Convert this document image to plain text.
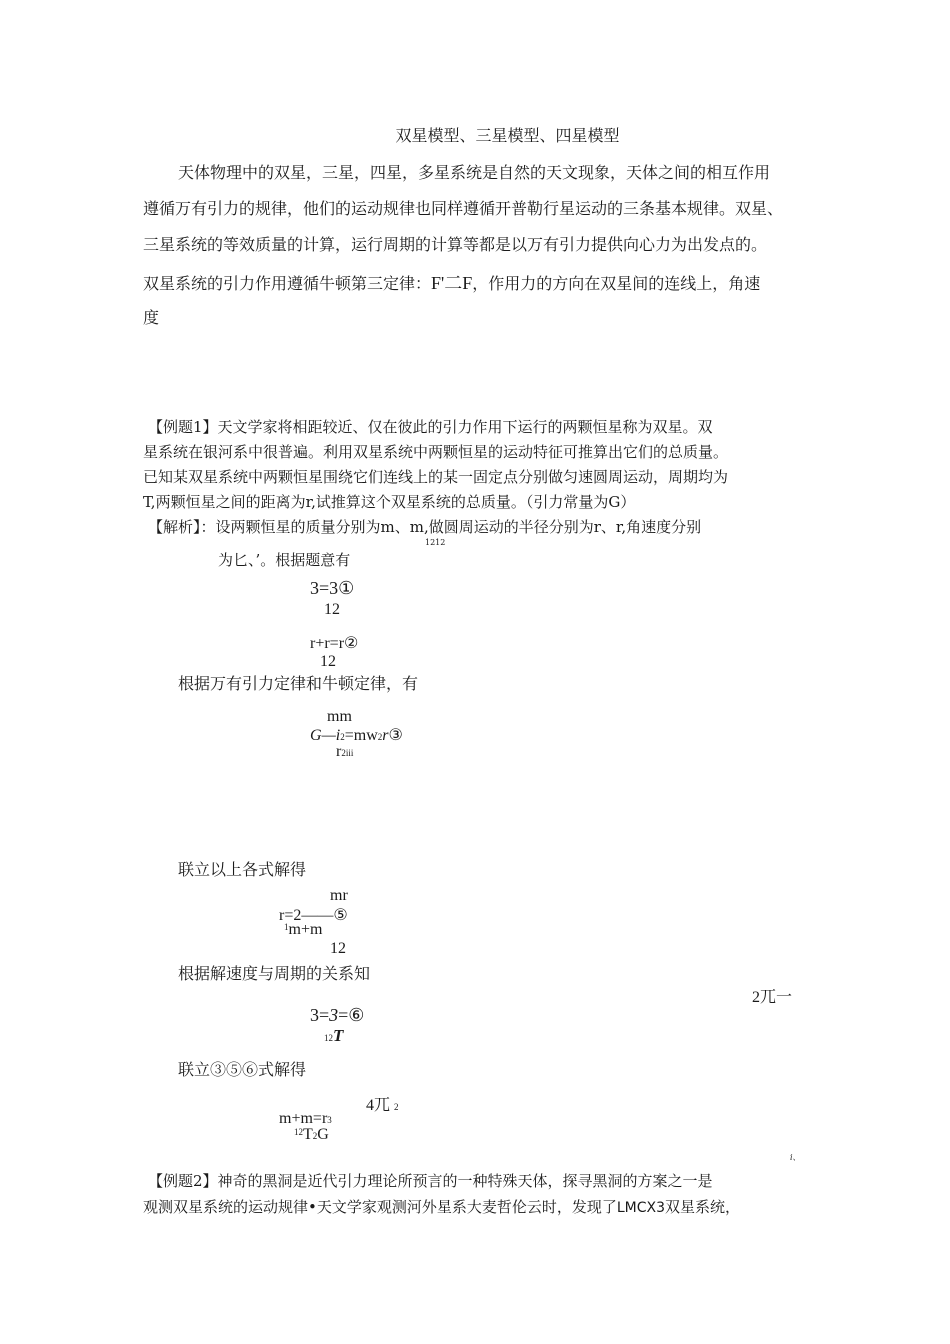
双星模型、三星模型、四星模型
天体物理中的双星，三星，四星，多星系统是自然的天文现象，天体之间的相互作用
遵循万有引力的规律，他们的运动规律也同样遵循开普勒行星运动的三条基本规律。双星、
三星系统的等效质量的计算，运行周期的计算等都是以万有引力提供向心力为出发点的。
双星系统的引力作用遵循牛顿第三定律：F'二F，作用力的方向在双星间的连线上，角速
度
【例题1】天文学家将相距较近、仅在彼此的引力作用下运行的两颗恒星称为双星。双
星系统在银河系中很普遍。利用双星系统中两颗恒星的运动特征可推算出它们的总质量。
已知某双星系统中两颗恒星围绕它们连线上的某一固定点分别做匀速圆周运动，周期均为
T,两颗恒星之间的距离为r,试推算这个双星系统的总质量。（引力常量为G）
【解析】：设两颗恒星的质量分别为m、m,做圆周运动的半径分别为r、r,角速度分别
1212
为匕、’。根据题意有
3=3①
12
r+r=r②
12
根据万有引力定律和牛顿定律，有
mm
G—i2=mw2r③
r2iii
联立以上各式解得
mr
r=2——⑤
$^1$m+m
12
根据解速度与周期的关系知
2兀一
3=3=⑥
12T
联立③⑤⑥式解得
4兀 2
m+m=r3
$^{12}$T2G
i、
【例题2】神奇的黑洞是近代引力理论所预言的一种特殊天体，探寻黑洞的方案之一是
观测双星系统的运动规律•天文学家观测河外星系大麦哲伦云时，发现了LMCX3双星系统，
